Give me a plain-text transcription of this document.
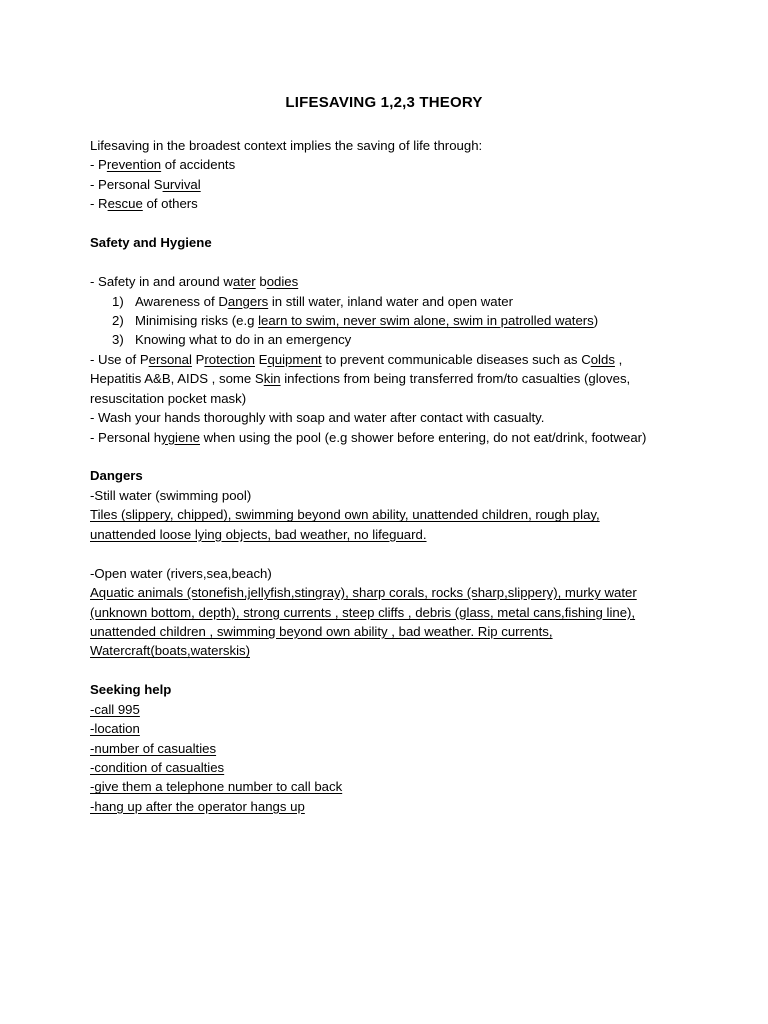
LIFESAVING 1,2,3 THEORY
Lifesaving in the broadest context implies the saving of life through:
- Prevention of accidents
- Personal Survival
- Rescue of others
Safety and Hygiene
- Safety in and around water bodies
1) Awareness of Dangers in still water, inland water and open water
2) Minimising risks (e.g learn to swim, never swim alone, swim in patrolled waters)
3) Knowing what to do in an emergency
- Use of Personal Protection Equipment to prevent communicable diseases such as Colds ,
Hepatitis A&B, AIDS , some Skin infections from being transferred from/to casualties (gloves,
resuscitation pocket mask)
- Wash your hands thoroughly with soap and water after contact with casualty.
- Personal hygiene when using the pool (e.g shower before entering, do not eat/drink, footwear)
Dangers
-Still water (swimming pool)
Tiles (slippery, chipped), swimming beyond own ability, unattended children, rough play,
unattended loose lying objects, bad weather, no lifeguard.
-Open water (rivers,sea,beach)
Aquatic animals (stonefish,jellyfish,stingray), sharp corals, rocks (sharp,slippery), murky water
(unknown bottom, depth), strong currents , steep cliffs , debris (glass, metal cans,fishing line),
unattended children , swimming beyond own ability , bad weather. Rip currents,
Watercraft(boats,waterskis)
Seeking help
-call 995
-location
-number of casualties
-condition of casualties
-give them a telephone number to call back
-hang up after the operator hangs up
